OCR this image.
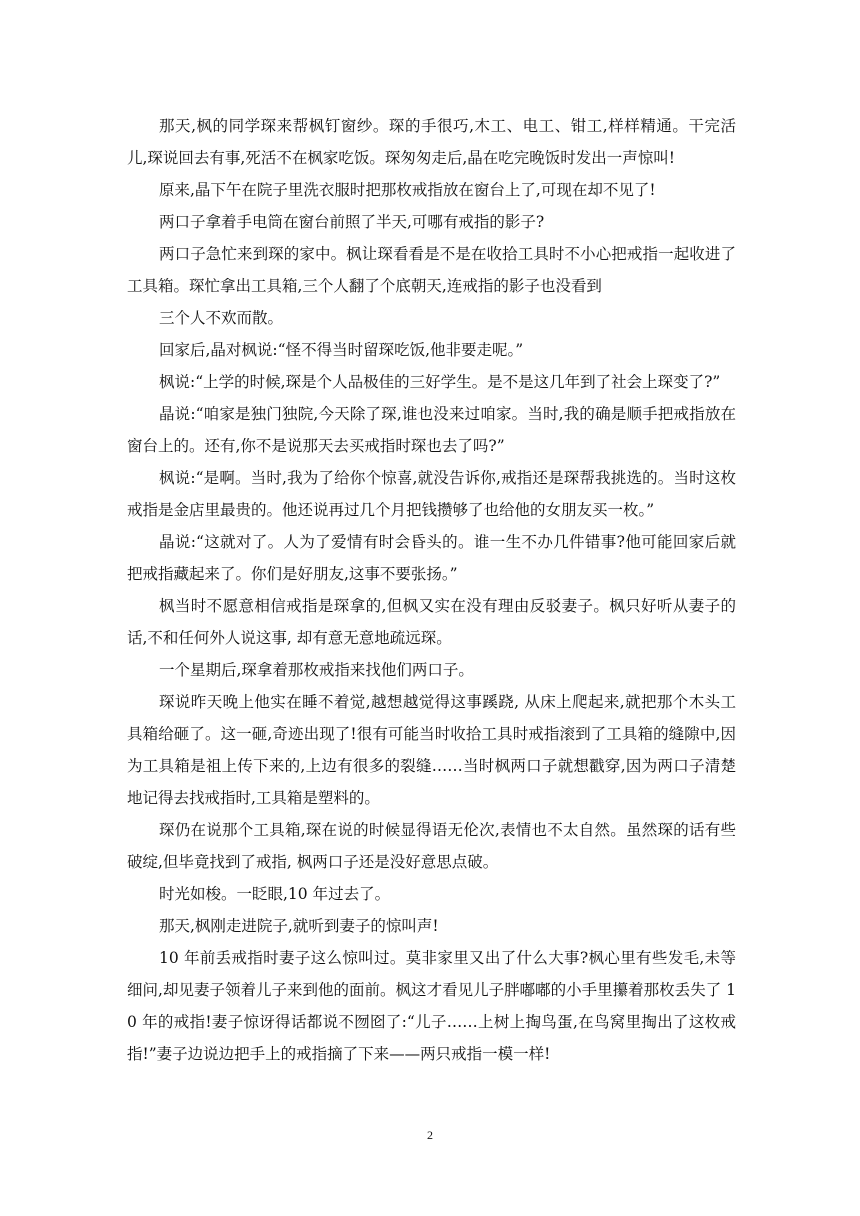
那天,枫的同学琛来帮枫钉窗纱。琛的手很巧,木工、电工、钳工,样样精通。干完活儿,琛说回去有事,死活不在枫家吃饭。琛匆匆走后,晶在吃完晚饭时发出一声惊叫!

原来,晶下午在院子里洗衣服时把那枚戒指放在窗台上了,可现在却不见了!

两口子拿着手电筒在窗台前照了半天,可哪有戒指的影子?

两口子急忙来到琛的家中。枫让琛看看是不是在收拾工具时不小心把戒指一起收进了工具箱。琛忙拿出工具箱,三个人翻了个底朝天,连戒指的影子也没看到

三个人不欢而散。

回家后,晶对枫说:“怪不得当时留琛吃饭,他非要走呢。”

枫说:“上学的时候,琛是个人品极佳的三好学生。是不是这几年到了社会上琛变了?”

晶说:“咱家是独门独院,今天除了琛,谁也没来过咱家。当时,我的确是顺手把戒指放在窗台上的。还有,你不是说那天去买戒指时琛也去了吗?”

枫说:“是啊。当时,我为了给你个惊喜,就没告诉你,戒指还是琛帮我挑选的。当时这枚戒指是金店里最贵的。他还说再过几个月把钱攒够了也给他的女朋友买一枚。”

晶说:“这就对了。人为了爱情有时会昏头的。谁一生不办几件错事?他可能回家后就把戒指藏起来了。你们是好朋友,这事不要张扬。”

枫当时不愿意相信戒指是琛拿的,但枫又实在没有理由反驳妻子。枫只好听从妻子的话,不和任何外人说这事, 却有意无意地疏远琛。

一个星期后,琛拿着那枚戒指来找他们两口子。

琛说昨天晚上他实在睡不着觉,越想越觉得这事蹊跷, 从床上爬起来,就把那个木头工具箱给砸了。这一砸,奇迹出现了!很有可能当时收拾工具时戒指滚到了工具箱的缝隙中,因为工具箱是祖上传下来的,上边有很多的裂缝……当时枫两口子就想戳穿,因为两口子清楚地记得去找戒指时,工具箱是塑料的。

琛仍在说那个工具箱,琛在说的时候显得语无伦次,表情也不太自然。虽然琛的话有些破绽,但毕竟找到了戒指, 枫两口子还是没好意思点破。

时光如梭。一眨眼,10 年过去了。

那天,枫刚走进院子,就听到妻子的惊叫声!

10 年前丢戒指时妻子这么惊叫过。莫非家里又出了什么大事?枫心里有些发毛,未等细问,却见妻子领着儿子来到他的面前。枫这才看见儿子胖嘟嘟的小手里攥着那枚丢失了 10 年的戒指!妻子惊讶得话都说不囫囵了:“儿子……上树上掏鸟蛋,在鸟窝里掏出了这枚戒指!”妻子边说边把手上的戒指摘了下来——两只戒指一模一样!

2
